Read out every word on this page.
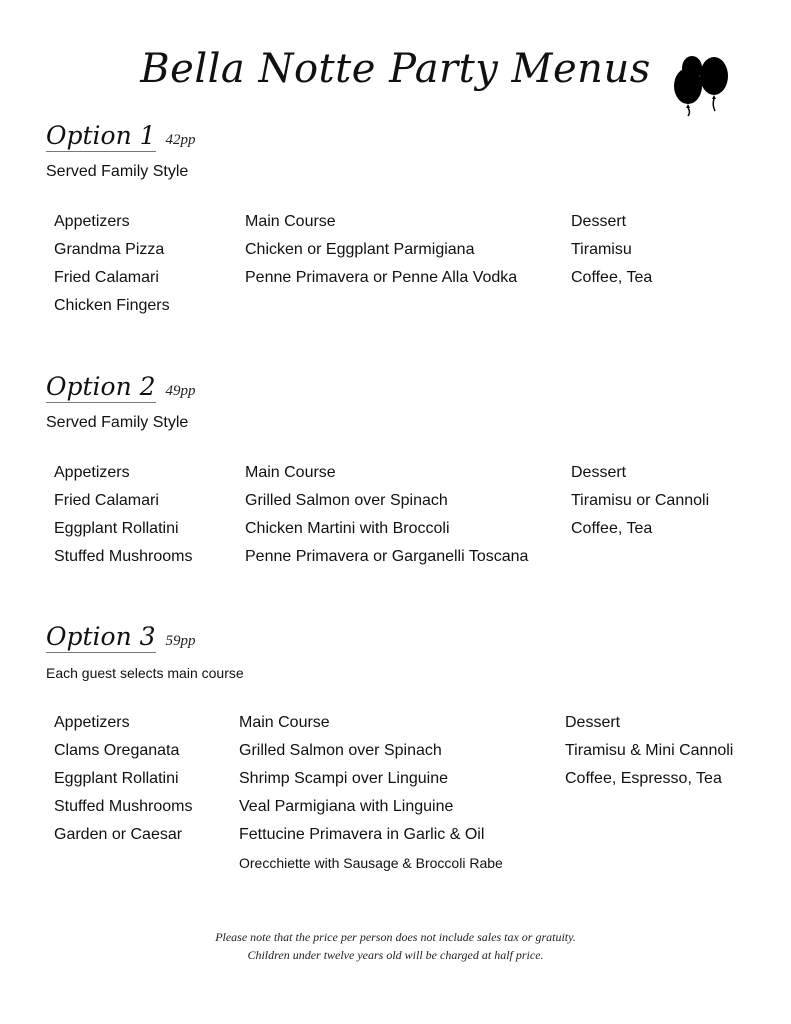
Bella Notte Party Menus
Option 1 42pp
Served Family Style
Appetizers
Grandma Pizza
Fried Calamari
Chicken Fingers
Main Course
Chicken or Eggplant Parmigiana
Penne Primavera or Penne Alla Vodka
Dessert
Tiramisu
Coffee, Tea
Option 2 49pp
Served Family Style
Appetizers
Fried Calamari
Eggplant Rollatini
Stuffed Mushrooms
Main Course
Grilled Salmon over Spinach
Chicken Martini with Broccoli
Penne Primavera or Garganelli Toscana
Dessert
Tiramisu or Cannoli
Coffee, Tea
Option 3 59pp
Each guest selects main course
Appetizers
Clams Oreganata
Eggplant Rollatini
Stuffed Mushrooms
Garden or Caesar
Main Course
Grilled Salmon over Spinach
Shrimp Scampi over Linguine
Veal Parmigiana with Linguine
Fettucine Primavera in Garlic & Oil
Orecchiette with Sausage & Broccoli Rabe
Dessert
Tiramisu & Mini Cannoli
Coffee, Espresso, Tea
Please note that the price per person does not include sales tax or gratuity.
Children under twelve years old will be charged at half price.
